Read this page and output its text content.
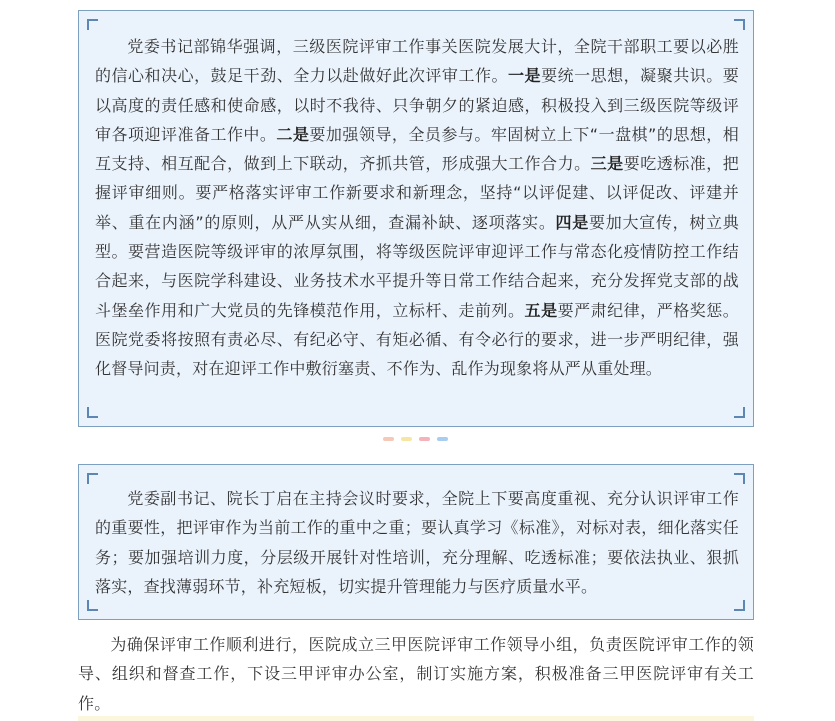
党委书记部锦华强调，三级医院评审工作事关医院发展大计，全院干部职工要以必胜的信心和决心，鼓足干劲、全力以赴做好此次评审工作。一是要统一思想，凝聚共识。要以高度的责任感和使命感，以时不我待、只争朝夕的紧迫感，积极投入到三级医院等级评审各项迎评准备工作中。二是要加强领导，全员参与。牢固树立上下“一盘棋”的思想，相互支持、相互配合，做到上下联动，齐抓共管，形成强大工作合力。三是要吃透标准，把握评审细则。要严格落实评审工作新要求和新理念，坚持“以评促建、以评促改、评建并举、重在内涵”的原则，从严从实从细，查漏补缺、逐项落实。四是要加大宣传，树立典型。要营造医院等级评审的浓厚氛围，将等级医院评审迎评工作与常态化疫情防控工作结合起来，与医院学科建设、业务技术水平提升等日常工作结合起来，充分发挥党支部的战斗堡垒作用和广大党员的先锋模范作用，立标杆、走前列。五是要严肃纪律，严格奖惩。医院党委将按照有责必尽、有纪必守、有矩必循、有令必行的要求，进一步严明纪律，强化督导问责，对在迎评工作中敷衍塞责、不作为、乱作为现象将从严从重处理。
党委副书记、院长丁启在主持会议时要求，全院上下要高度重视、充分认识评审工作的重要性，把评审作为当前工作的重中之重；要认真学习《标准》，对标对表，细化落实任务；要加强培训力度，分层级开展针对性培训，充分理解、吃透标准；要依法执业、狠抓落实，查找薄弱环节，补充短板，切实提升管理能力与医疗质量水平。
为确保评审工作顺利进行，医院成立三甲医院评审工作领导小组，负责医院评审工作的领导、组织和督查工作，下设三甲评审办公室，制订实施方案，积极准备三甲医院评审有关工作。
